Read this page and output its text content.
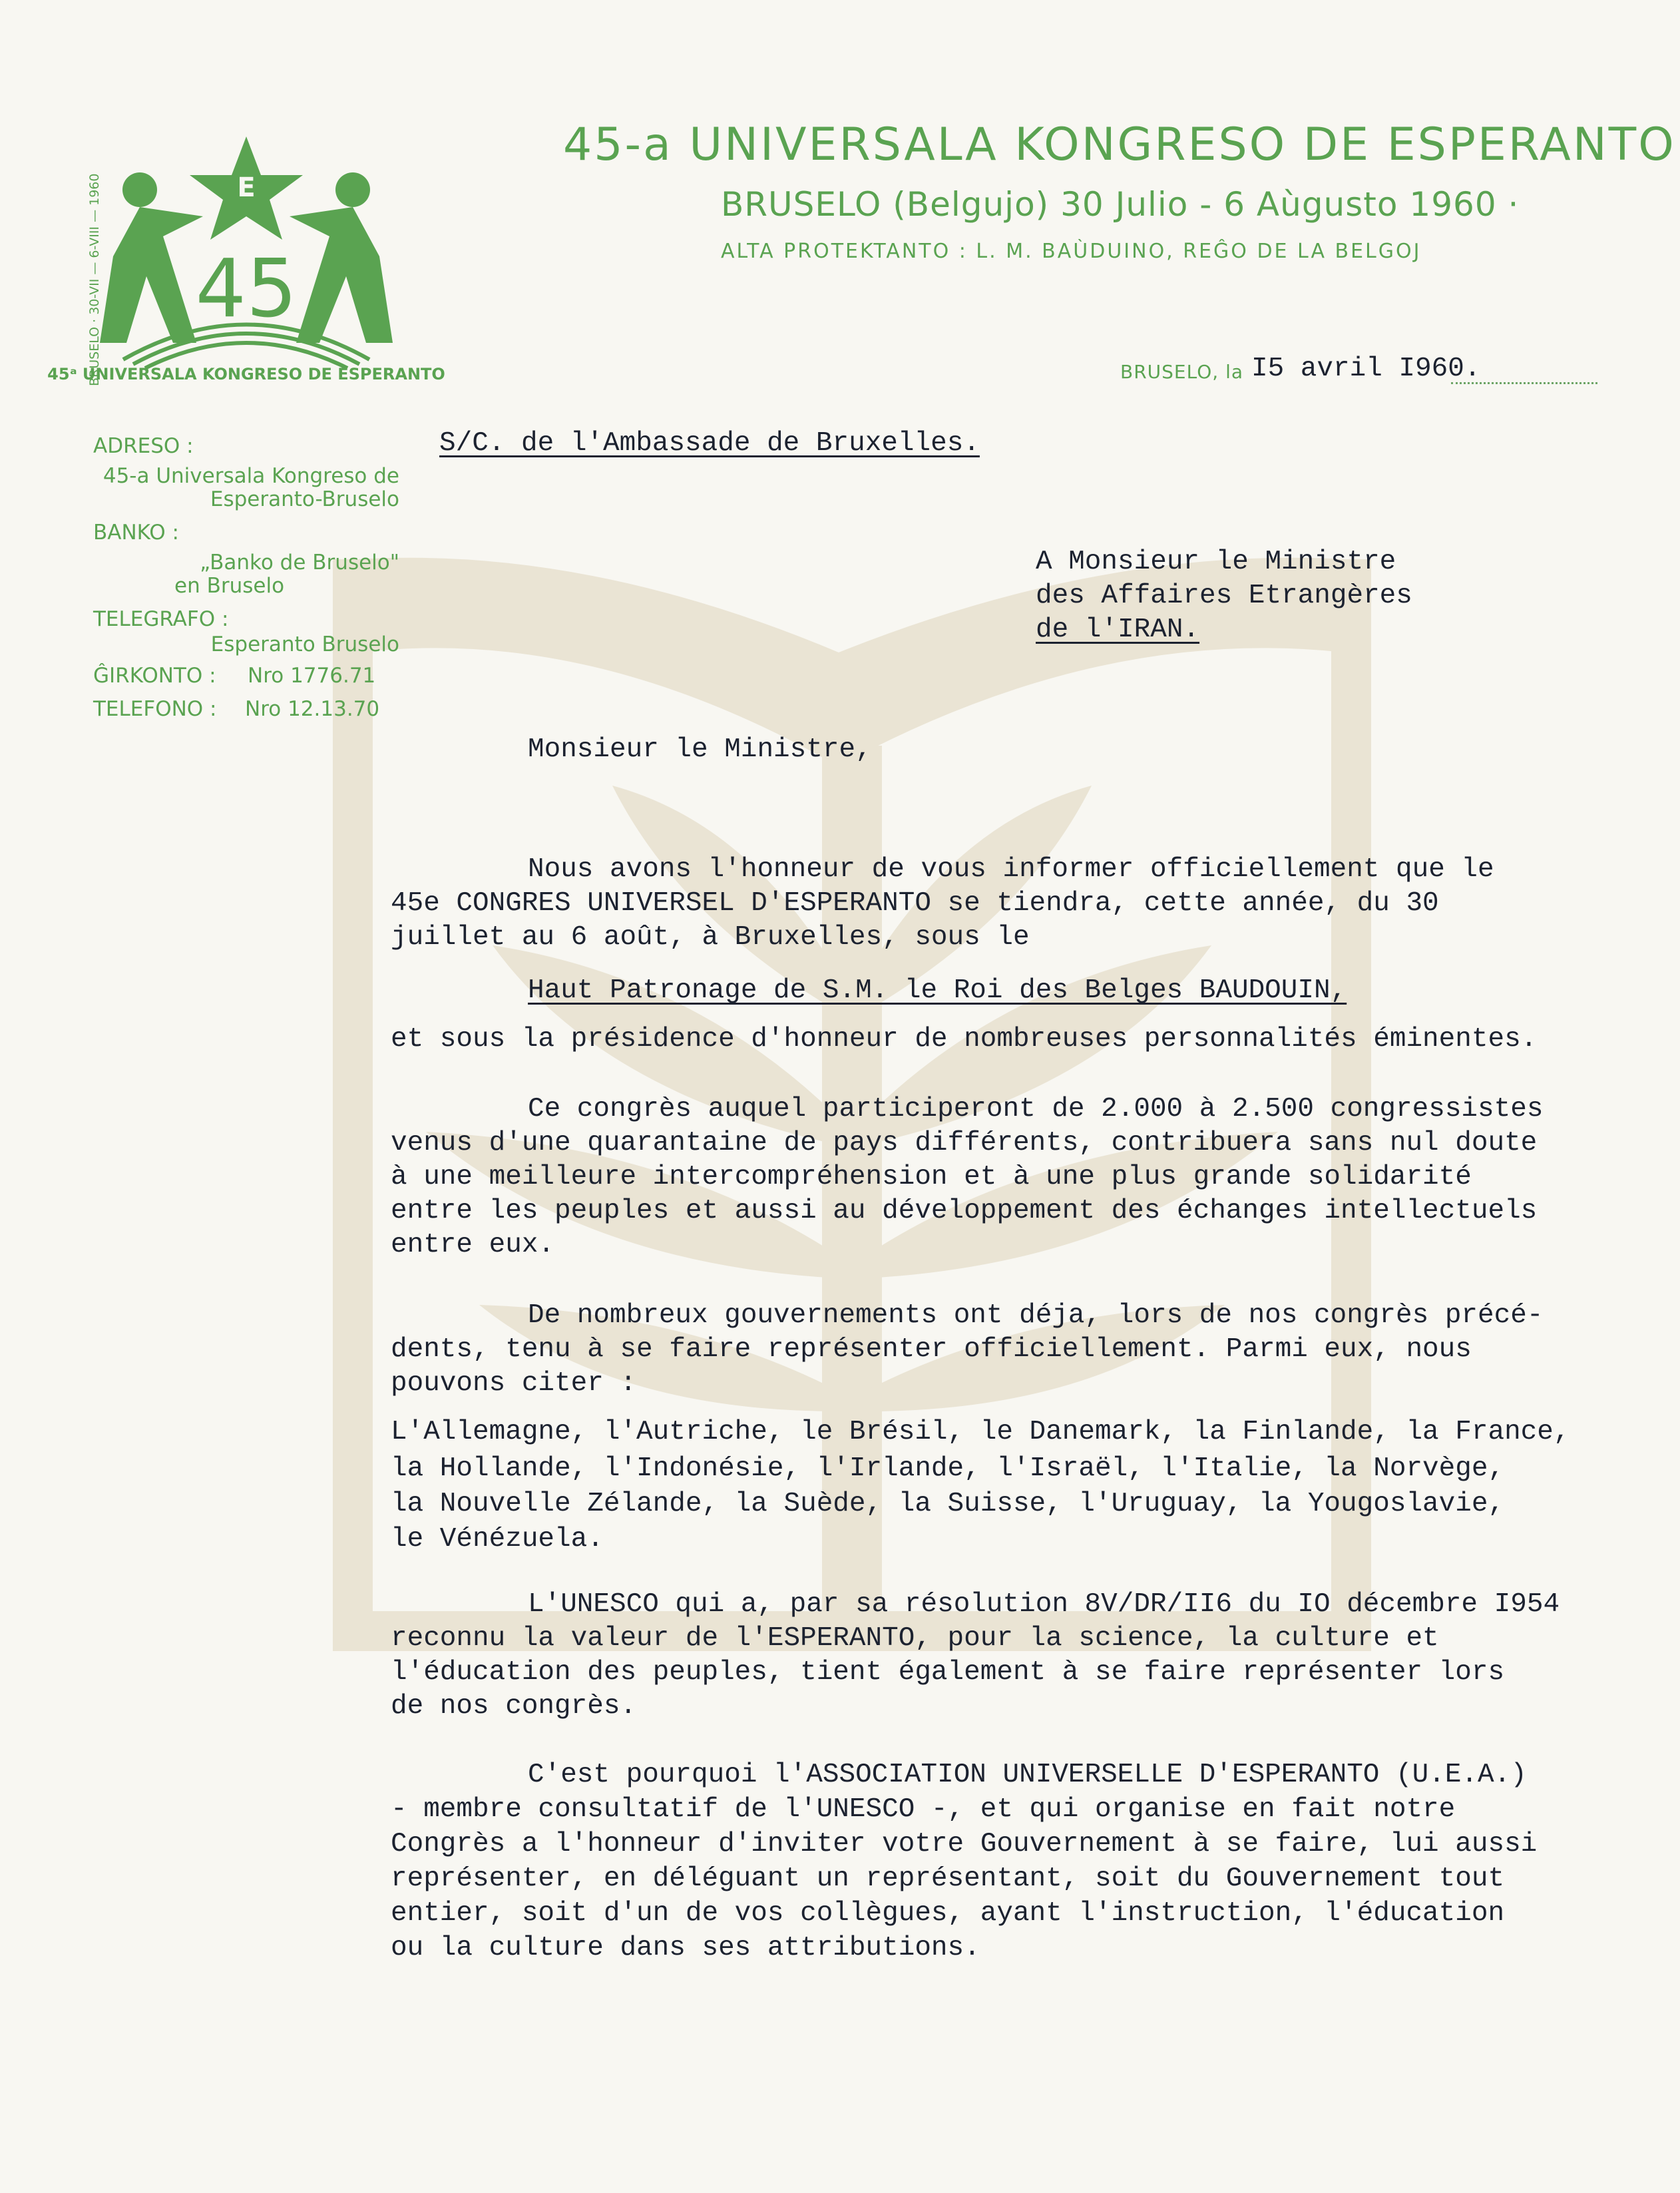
BRUSELO · 30-VII — 6-VIII — 1960	E
45
45ᵃ UNIVERSALA KONGRESO DE ESPERANTO
45-a UNIVERSALA KONGRESO DE ESPERANTO
BRUSELO (Belgujo) 30 Julio - 6 Aùgusto 1960 ·
ALTA PROTEKTANTO : L. M. BAÙDUINO, REĜO DE LA BELGOJ
BRUSELO, la I5 avril I960.
ADRESO :
45-a Universala Kongreso de
Esperanto-Bruselo
BANKO :
„Banko de Bruselo"
en Bruselo
TELEGRAFO :
Esperanto Bruselo
ĜIRKONTO : Nro 1776.71
TELEFONO : Nro 12.13.70
S/C. de l'Ambassade de Bruxelles.
A Monsieur le Ministre
des Affaires Etrangères
de l'IRAN.
Monsieur le Ministre,
Nous avons l'honneur de vous informer officiellement que le
45e CONGRES UNIVERSEL D'ESPERANTO se tiendra, cette année, du 30
juillet au 6 août, à Bruxelles, sous le
Haut Patronage de S.M. le Roi des Belges BAUDOUIN,
et sous la présidence d'honneur de nombreuses personnalités éminentes.
Ce congrès auquel participeront de 2.000 à 2.500 congressistes
venus d'une quarantaine de pays différents, contribuera sans nul doute
à une meilleure intercompréhension et à une plus grande solidarité
entre les peuples et aussi au développement des échanges intellectuels
entre eux.
De nombreux gouvernements ont déja, lors de nos congrès précé-
dents, tenu à se faire représenter officiellement. Parmi eux, nous
pouvons citer :
L'Allemagne, l'Autriche, le Brésil, le Danemark, la Finlande, la France,
la Hollande, l'Indonésie, l'Irlande, l'Israël, l'Italie, la Norvège,
la Nouvelle Zélande, la Suède, la Suisse, l'Uruguay, la Yougoslavie,
le Vénézuela.
L'UNESCO qui a, par sa résolution 8V/DR/II6 du IO décembre I954
reconnu la valeur de l'ESPERANTO, pour la science, la culture et
l'éducation des peuples, tient également à se faire représenter lors
de nos congrès.
C'est pourquoi l'ASSOCIATION UNIVERSELLE D'ESPERANTO (U.E.A.)
- membre consultatif de l'UNESCO -, et qui organise en fait notre
Congrès a l'honneur d'inviter votre Gouvernement à se faire, lui aussi
représenter, en déléguant un représentant, soit du Gouvernement tout
entier, soit d'un de vos collègues, ayant l'instruction, l'éducation
ou la culture dans ses attributions.
